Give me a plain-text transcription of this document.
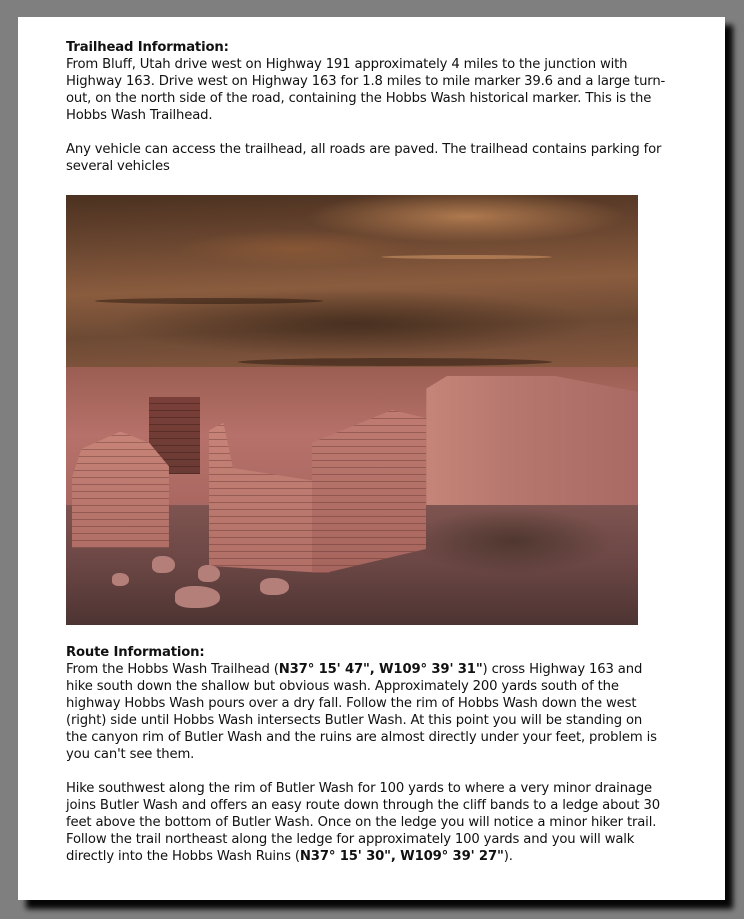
Trailhead Information:

From Bluff, Utah drive west on Highway 191 approximately 4 miles to the junction with Highway 163. Drive west on Highway 163 for 1.8 miles to mile marker 39.6 and a large turn-out, on the north side of the road, containing the Hobbs Wash historical marker. This is the Hobbs Wash Trailhead.

Any vehicle can access the trailhead, all roads are paved. The trailhead contains parking for several vehicles

Route Information:

From the Hobbs Wash Trailhead (N37° 15' 47", W109° 39' 31") cross Highway 163 and hike south down the shallow but obvious wash. Approximately 200 yards south of the highway Hobbs Wash pours over a dry fall. Follow the rim of Hobbs Wash down the west (right) side until Hobbs Wash intersects Butler Wash. At this point you will be standing on the canyon rim of Butler Wash and the ruins are almost directly under your feet, problem is you can't see them.

Hike southwest along the rim of Butler Wash for 100 yards to where a very minor drainage joins Butler Wash and offers an easy route down through the cliff bands to a ledge about 30 feet above the bottom of Butler Wash. Once on the ledge you will notice a minor hiker trail. Follow the trail northeast along the ledge for approximately 100 yards and you will walk directly into the Hobbs Wash Ruins (N37° 15' 30", W109° 39' 27").
